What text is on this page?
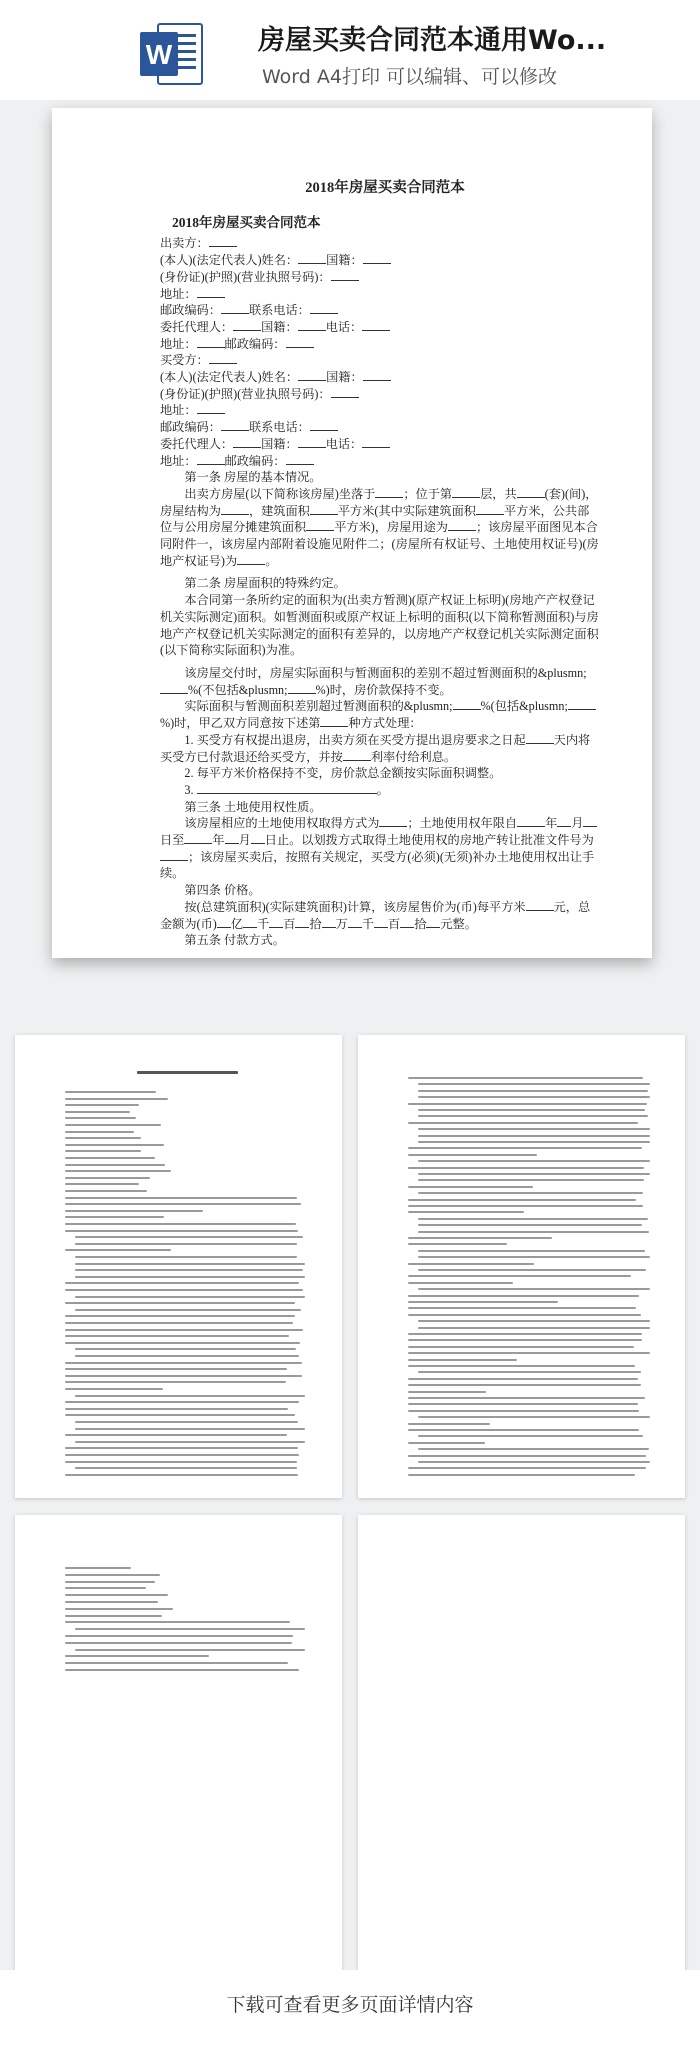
W	房屋买卖合同范本通用Wo...
Word A4打印 可以编辑、可以修改
2018年房屋买卖合同范本
2018年房屋买卖合同范本

出卖方：

(本人)(法定代表人)姓名： 国籍：

(身份证)(护照)(营业执照号码)：

地址：

邮政编码： 联系电话：

委托代理人： 国籍： 电话：

地址： 邮政编码：

买受方：

(本人)(法定代表人)姓名： 国籍：

(身份证)(护照)(营业执照号码)：

地址：

邮政编码： 联系电话：

委托代理人： 国籍： 电话：

地址： 邮政编码：

第一条 房屋的基本情况。

出卖方房屋(以下简称该房屋)坐落于 ；位于第 层，共 (套)(间)，房屋结构为 ，建筑面积 平方米(其中实际建筑面积 平方米，公共部位与公用房屋分摊建筑面积 平方米)，房屋用途为 ；该房屋平面图见本合同附件一，该房屋内部附着设施见附件二；(房屋所有权证号、土地使用权证号)(房地产权证号)为 。

第二条 房屋面积的特殊约定。

本合同第一条所约定的面积为(出卖方暂测)(原产权证上标明)(房地产产权登记机关实际测定)面积。如暂测面积或原产权证上标明的面积(以下简称暂测面积)与房地产产权登记机关实际测定的面积有差异的，以房地产产权登记机关实际测定面积(以下简称实际面积)为准。

该房屋交付时，房屋实际面积与暂测面积的差别不超过暂测面积的&plusmn;%(不包括&plusmn; %)时，房价款保持不变。

实际面积与暂测面积差别超过暂测面积的&plusmn; %(包括&plusmn;%)时，甲乙双方同意按下述第 种方式处理：

1. 买受方有权提出退房，出卖方须在买受方提出退房要求之日起 天内将买受方已付款退还给买受方，并按 利率付给利息。

2. 每平方米价格保持不变，房价款总金额按实际面积调整。

3.	。

第三条 土地使用权性质。

该房屋相应的土地使用权取得方式为 ；土地使用权年限自 年 月日至 年 月 日止。以划拨方式取得土地使用权的房地产转让批准文件号为；该房屋买卖后，按照有关规定，买受方(必须)(无须)补办土地使用权出让手续。

第四条 价格。

按(总建筑面积)(实际建筑面积)计算，该房屋售价为(币)每平方米 元，总金额为(币) 亿 千 百 拾 万 千 百 拾 元整。

第五条 付款方式。

下载可查看更多页面详情内容
